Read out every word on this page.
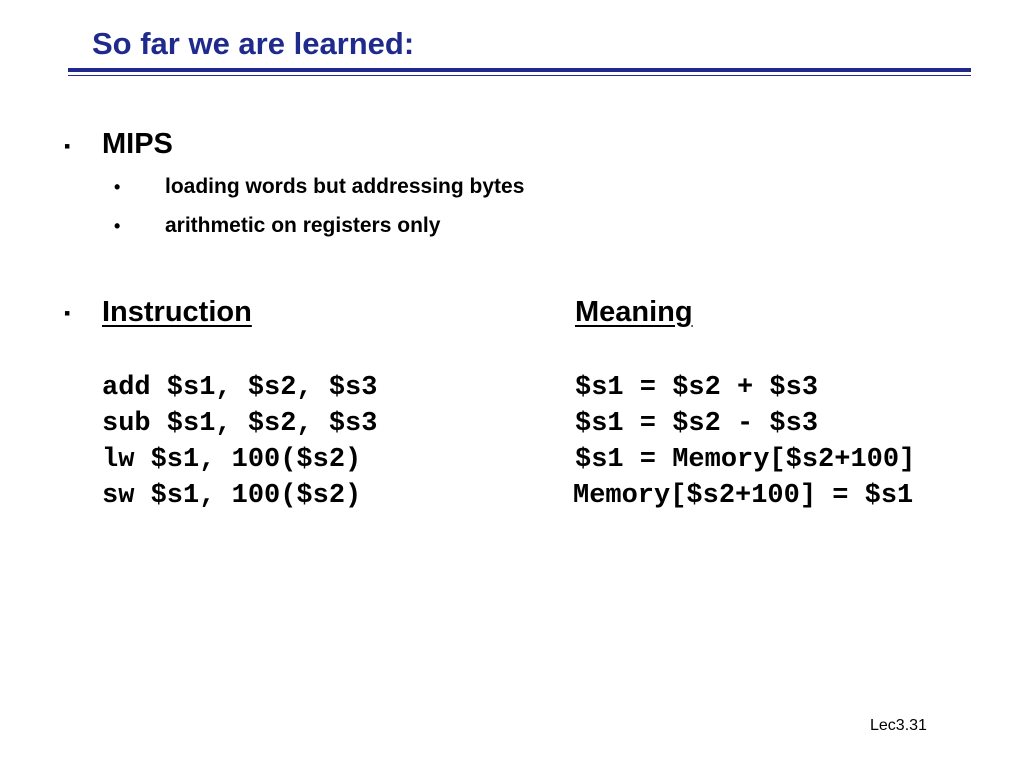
So far we are learned:
▪ MIPS
• loading words but addressing bytes
• arithmetic on registers only
▪ Instruction	Meaning
add $s1, $s2, $s3	$s1 = $s2 + $s3
sub $s1, $s2, $s3	$s1 = $s2 - $s3
lw $s1, 100($s2)	$s1 = Memory[$s2+100]
sw $s1, 100($s2)	Memory[$s2+100] = $s1
Lec3.31
